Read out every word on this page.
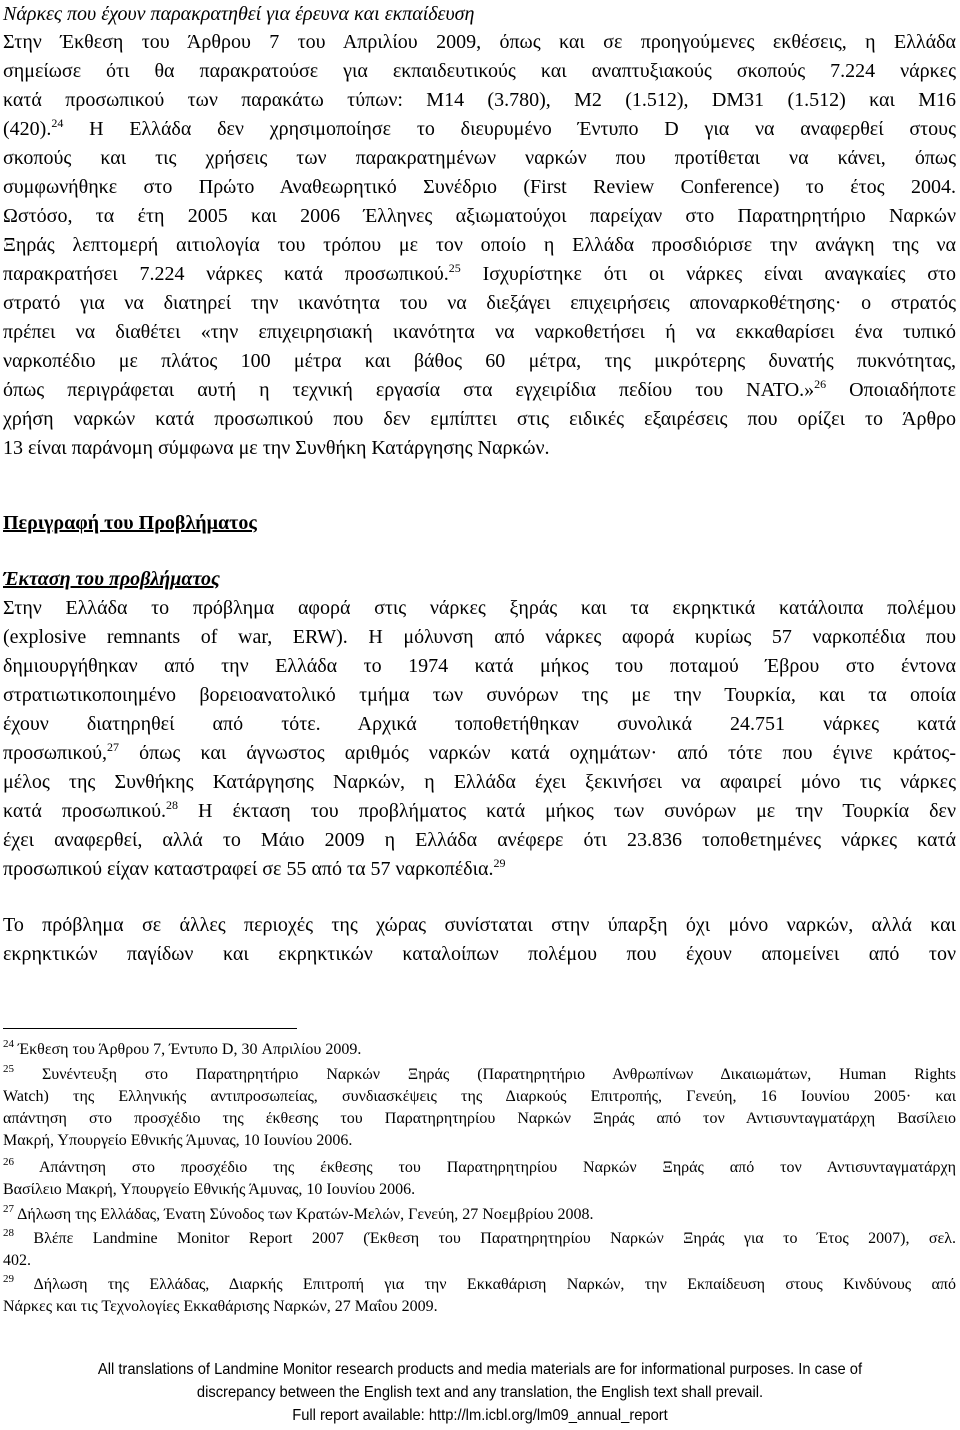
Νάρκες που έχουν παρακρατηθεί για έρευνα και εκπαίδευση
Στην Έκθεση του Άρθρου 7 του Απριλίου 2009, όπως και σε προηγούμενες εκθέσεις, η Ελλάδα
σημείωσε ότι θα παρακρατούσε για εκπαιδευτικούς και αναπτυξιακούς σκοπούς 7.224 νάρκες
κατά προσωπικού των παρακάτω τύπων: Μ14 (3.780), Μ2 (1.512), DM31 (1.512) και Μ16
(420).$^{24}$ Η Ελλάδα δεν χρησιμοποίησε το διευρυμένο Έντυπο D για να αναφερθεί στους
σκοπούς και τις χρήσεις των παρακρατημένων ναρκών που προτίθεται να κάνει, όπως
συμφωνήθηκε στο Πρώτο Αναθεωρητικό Συνέδριο (First Review Conference) το έτος 2004.
Ωστόσο, τα έτη 2005 και 2006 Έλληνες αξιωματούχοι παρείχαν στο Παρατηρητήριο Ναρκών
Ξηράς λεπτομερή αιτιολογία του τρόπου με τον οποίο η Ελλάδα προσδιόρισε την ανάγκη της να
παρακρατήσει 7.224 νάρκες κατά προσωπικού.$^{25}$ Ισχυρίστηκε ότι οι νάρκες είναι αναγκαίες στο
στρατό για να διατηρεί την ικανότητα του να διεξάγει επιχειρήσεις απoναρκοθέτησης· ο στρατός
πρέπει να διαθέτει «την επιχειρησιακή ικανότητα να ναρκοθετήσει ή να εκκαθαρίσει ένα τυπικό
ναρκοπέδιο με πλάτος 100 μέτρα και βάθος 60 μέτρα, της μικρότερης δυνατής πυκνότητας,
όπως περιγράφεται αυτή η τεχνική εργασία στα εγχειρίδια πεδίου του ΝΑΤΟ.»$^{26}$ Οποιαδήποτε
χρήση ναρκών κατά προσωπικού που δεν εμπίπτει στις ειδικές εξαιρέσεις που ορίζει το Άρθρο
13 είναι παράνομη σύμφωνα με την Συνθήκη Κατάργησης Ναρκών.
Περιγραφή του Προβλήματος
Έκταση του προβλήματος
Στην Ελλάδα το πρόβλημα αφορά στις νάρκες ξηράς και τα εκρηκτικά κατάλοιπα πολέμου
(explosive remnants of war, ERW). Η μόλυνση από νάρκες αφορά κυρίως 57 ναρκοπέδια που
δημιουργήθηκαν από την Ελλάδα το 1974 κατά μήκος του ποταμού Έβρου στο έντονα
στρατιωτικοποιημένο βορειοανατολικό τμήμα των συνόρων της με την Τουρκία, και τα οποία
έχουν διατηρηθεί από τότε. Αρχικά τοποθετήθηκαν συνολικά 24.751 νάρκες κατά
προσωπικού,$^{27}$ όπως και άγνωστος αριθμός ναρκών κατά οχημάτων· από τότε που έγινε κράτος-
μέλος της Συνθήκης Κατάργησης Ναρκών, η Ελλάδα έχει ξεκινήσει να αφαιρεί μόνο τις νάρκες
κατά προσωπικού.$^{28}$ Η έκταση του προβλήματος κατά μήκος των συνόρων με την Τουρκία δεν
έχει αναφερθεί, αλλά το Μάιο 2009 η Ελλάδα ανέφερε ότι 23.836 τοποθετημένες νάρκες κατά
προσωπικού είχαν καταστραφεί σε 55 από τα 57 ναρκοπέδια.$^{29}$
Το πρόβλημα σε άλλες περιοχές της χώρας συνίσταται στην ύπαρξη όχι μόνο ναρκών, αλλά και
εκρηκτικών παγίδων και εκρηκτικών καταλοίπων πολέμου που έχουν απομείνει από τον
$^{24}$ Έκθεση του Άρθρου 7, Έντυπο D, 30 Απριλίου 2009.
$^{25}$ Συνέντευξη στο Παρατηρητήριο Ναρκών Ξηράς (Παρατηρητήριο Ανθρωπίνων Δικαιωμάτων, Human Rights
Watch) της Ελληνικής αντιπροσωπείας, συνδιασκέψεις της Διαρκούς Επιτροπής, Γενεύη, 16 Ιουνίου 2005· και
απάντηση στο προσχέδιο της έκθεσης του Παρατηρητηρίου Ναρκών Ξηράς από τον Αντισυνταγματάρχη Βασίλειο
Μακρή, Υπουργείο Εθνικής Άμυνας, 10 Ιουνίου 2006.
$^{26}$ Απάντηση στο προσχέδιο της έκθεσης του Παρατηρητηρίου Ναρκών Ξηράς από τον Αντισυνταγματάρχη
Βασίλειο Μακρή, Υπουργείο Εθνικής Άμυνας, 10 Ιουνίου 2006.
$^{27}$ Δήλωση της Ελλάδας, Ένατη Σύνοδος των Κρατών-Μελών, Γενεύη, 27 Νοεμβρίου 2008.
$^{28}$ Βλέπε Landmine Monitor Report 2007 (Έκθεση του Παρατηρητηρίου Ναρκών Ξηράς για το Έτος 2007), σελ.
402.
$^{29}$ Δήλωση της Ελλάδας, Διαρκής Επιτροπή για την Εκκαθάριση Ναρκών, την Εκπαίδευση στους Κινδύνους από
Νάρκες και τις Τεχνολογίες Εκκαθάρισης Ναρκών, 27 Μαΐου 2009.
All translations of Landmine Monitor research products and media materials are for informational purposes. In case of
discrepancy between the English text and any translation, the English text shall prevail.
Full report available: http://lm.icbl.org/lm09_annual_report
